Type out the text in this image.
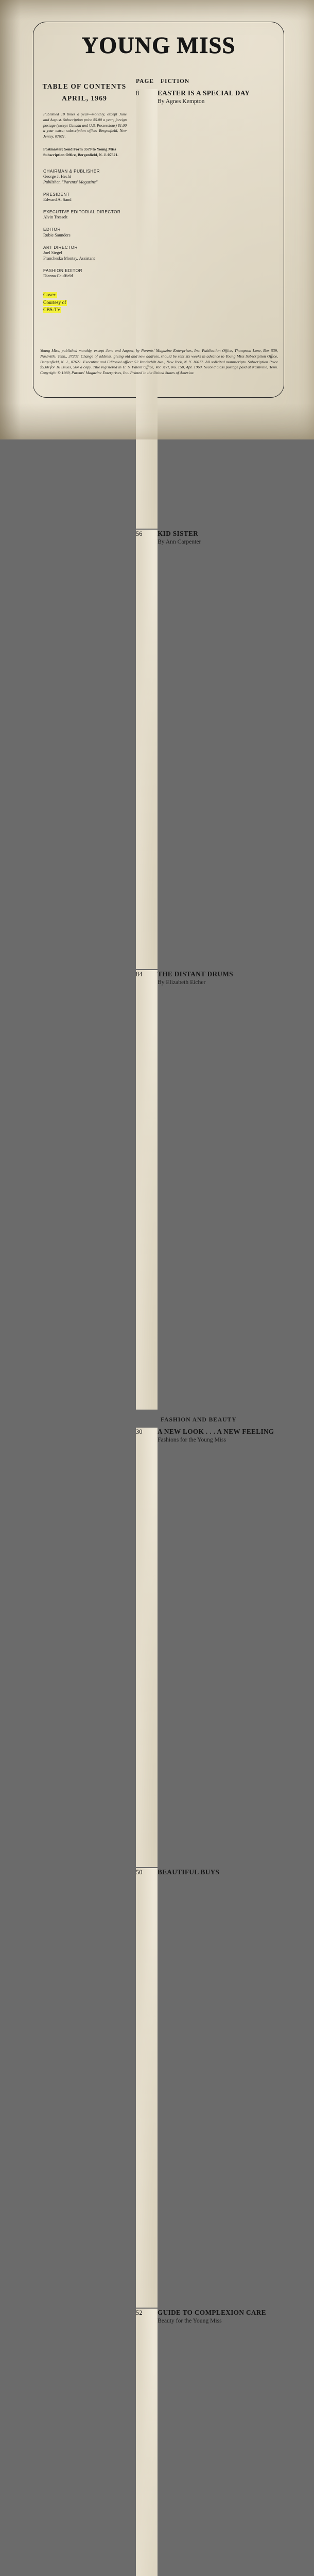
YOUNG MISS
TABLE OF CONTENTS
APRIL, 1969
Published 10 times a year—monthly, except June and August. Subscription price $5.00 a year; foreign postage (except Canada and U.S. Possessions) $1.00 a year extra; subscription office: Bergenfield, New Jersey, 07621.
Postmaster: Send Form 3579 to Young Miss Subscription Office, Bergenfield, N. J. 07621.
CHAIRMAN & PUBLISHER
George J. Hecht
Publisher, "Parents' Magazine"
PRESIDENT
Edward A. Sand
EXECUTIVE EDITORIAL DIRECTOR
Alvin Tresselt
EDITOR
Rubie Saunders
ART DIRECTOR
Joel Siegel
Francheska Montay, Assistant
FASHION EDITOR
Dianna Caulfield
Cover:
Courtesy of
CBS-TV
PAGE	FICTION
8	EASTER IS A SPECIAL DAY
By Agnes Kempton
56	KID SISTER
By Ann Carpenter
84	THE DISTANT DRUMS
By Elizabeth Eicher
FASHION AND BEAUTY
30	A NEW LOOK . . . A NEW FEELING
Fashions for the Young Miss
50	BEAUTIFUL BUYS
52	GUIDE TO COMPLEXION CARE
Beauty for the Young Miss
Young Miss, published monthly, except June and August, by Parents' Magazine Enterprises, Inc. Publication Office, Thompson Lane, Box 539, Nashville, Tenn., 37202. Change of address, giving old and new address, should be sent six weeks in advance to Young Miss Subscription Office, Bergenfield, N. J., 07621. Executive and Editorial office: 52 Vanderbilt Ave., New York, N. Y. 10017. All solicited manuscripts. Subscription Price $5.00 for 10 issues, 50¢ a copy. Title registered in U. S. Patent Office, Vol. XVI, No. 150, Apr. 1969. Second class postage paid at Nashville, Tenn. Copyright © 1969, Parents' Magazine Enterprises, Inc. Printed in the United States of America.
